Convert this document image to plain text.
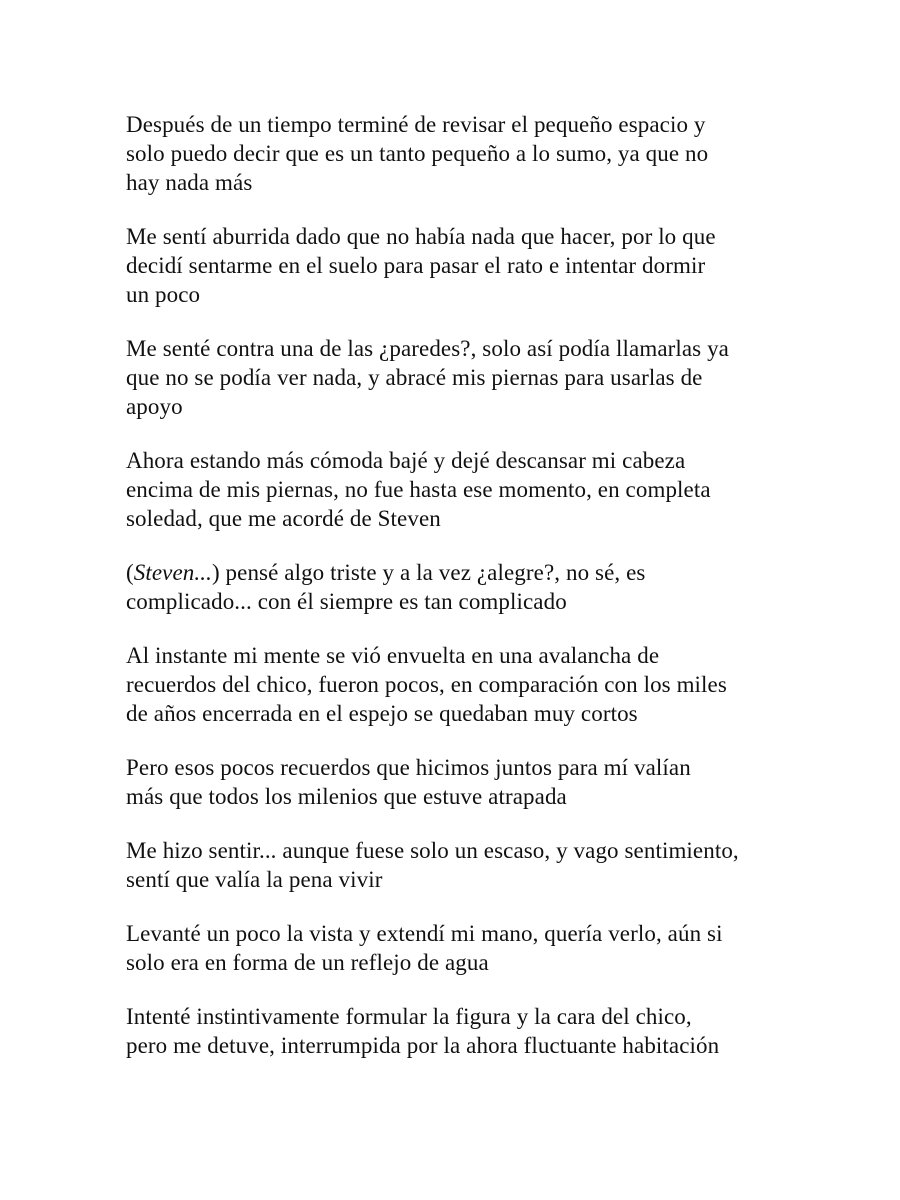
Después de un tiempo terminé de revisar el pequeño espacio y
solo puedo decir que es un tanto pequeño a lo sumo, ya que no
hay nada más

Me sentí aburrida dado que no había nada que hacer, por lo que
decidí sentarme en el suelo para pasar el rato e intentar dormir
un poco

Me senté contra una de las ¿paredes?, solo así podía llamarlas ya
que no se podía ver nada, y abracé mis piernas para usarlas de
apoyo

Ahora estando más cómoda bajé y dejé descansar mi cabeza
encima de mis piernas, no fue hasta ese momento, en completa
soledad, que me acordé de Steven

(Steven...) pensé algo triste y a la vez ¿alegre?, no sé, es
complicado... con él siempre es tan complicado

Al instante mi mente se vió envuelta en una avalancha de
recuerdos del chico, fueron pocos, en comparación con los miles
de años encerrada en el espejo se quedaban muy cortos

Pero esos pocos recuerdos que hicimos juntos para mí valían
más que todos los milenios que estuve atrapada

Me hizo sentir... aunque fuese solo un escaso, y vago sentimiento,
sentí que valía la pena vivir

Levanté un poco la vista y extendí mi mano, quería verlo, aún si
solo era en forma de un reflejo de agua

Intenté instintivamente formular la figura y la cara del chico,
pero me detuve, interrumpida por la ahora fluctuante habitación
